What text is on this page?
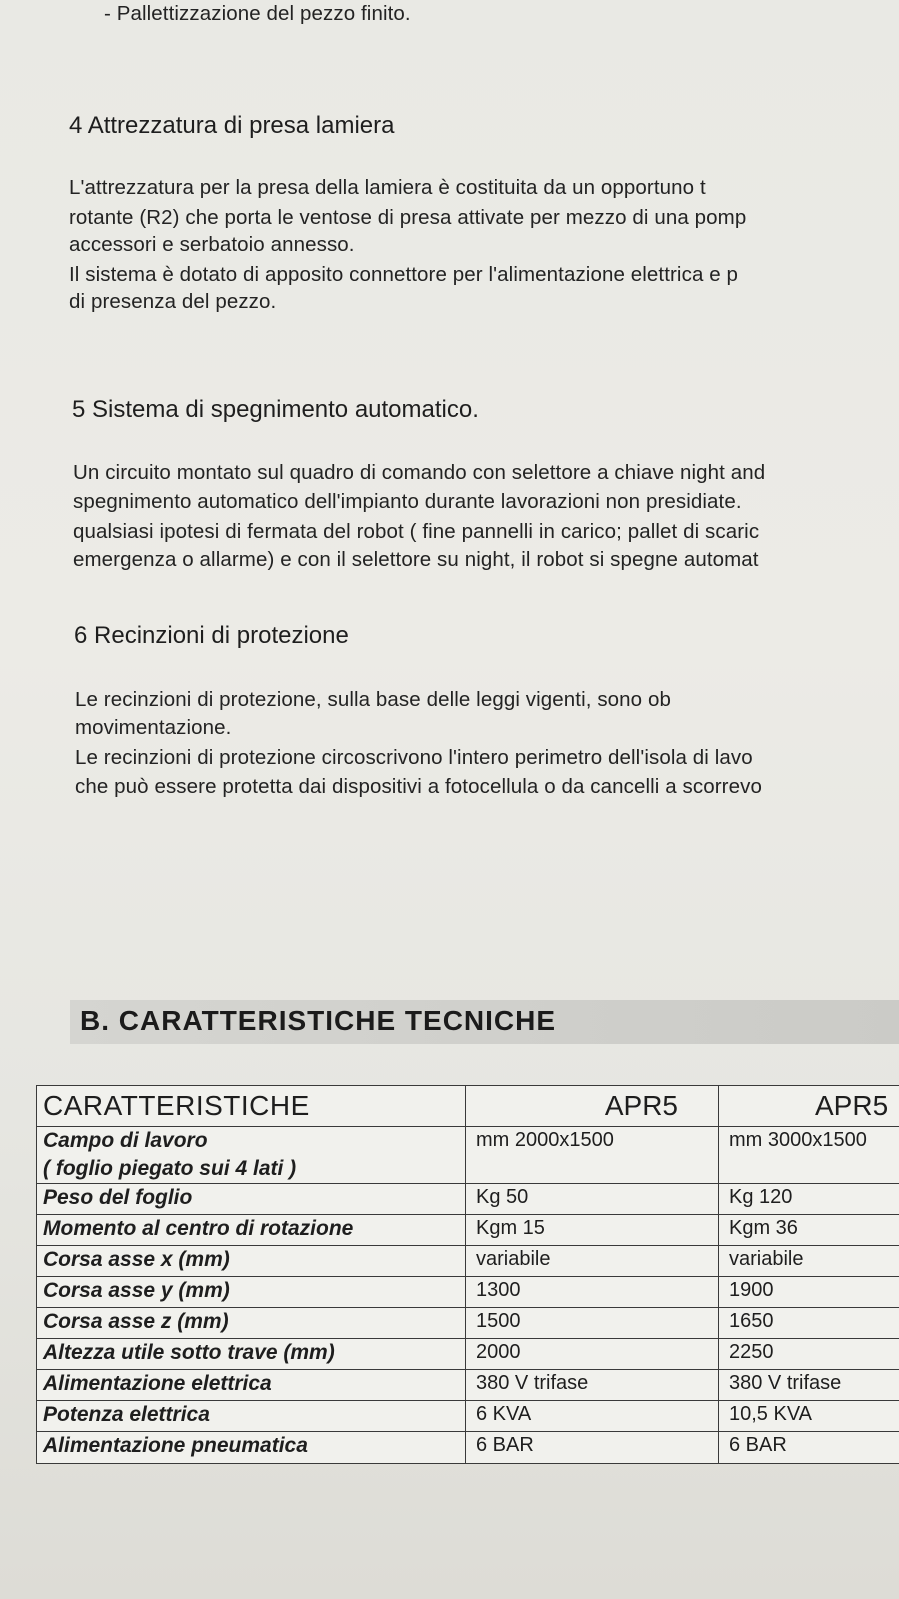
- Pallettizzazione del pezzo finito.
4 Attrezzatura di presa lamiera
L'attrezzatura per la presa della lamiera è costituita da un opportuno t
rotante (R2) che porta le ventose di presa attivate per mezzo di una pomp
accessori e serbatoio annesso.
Il sistema è dotato di apposito connettore per l'alimentazione elettrica e p
di presenza del pezzo.
5 Sistema di spegnimento automatico.
Un circuito montato sul quadro di comando con selettore a chiave night and
spegnimento automatico dell'impianto durante lavorazioni non presidiate.
qualsiasi ipotesi di fermata del robot ( fine pannelli in carico; pallet di scaric
emergenza o allarme) e con il selettore su night, il robot si spegne automat
6 Recinzioni di protezione
Le recinzioni di protezione, sulla base delle leggi vigenti, sono ob
movimentazione.
Le recinzioni di protezione circoscrivono l'intero perimetro dell'isola di lavo
che può essere protetta dai dispositivi a fotocellula o da cancelli a scorrevo
B. CARATTERISTICHE TECNICHE
CARATTERISTICHE	APR5	APR5

Campo di lavoro
( foglio piegato sui 4 lati )	mm 2000x1500	mm 3000x1500

Peso del foglio	Kg 50	Kg 120

Momento al centro di rotazione	Kgm 15	Kgm 36

Corsa asse x (mm)	variabile	variabile

Corsa asse y (mm)	1300	1900

Corsa asse z (mm)	1500	1650

Altezza utile sotto trave (mm)	2000	2250

Alimentazione elettrica	380 V trifase	380 V trifase

Potenza elettrica	6 KVA	10,5 KVA

Alimentazione pneumatica	6 BAR	6 BAR
